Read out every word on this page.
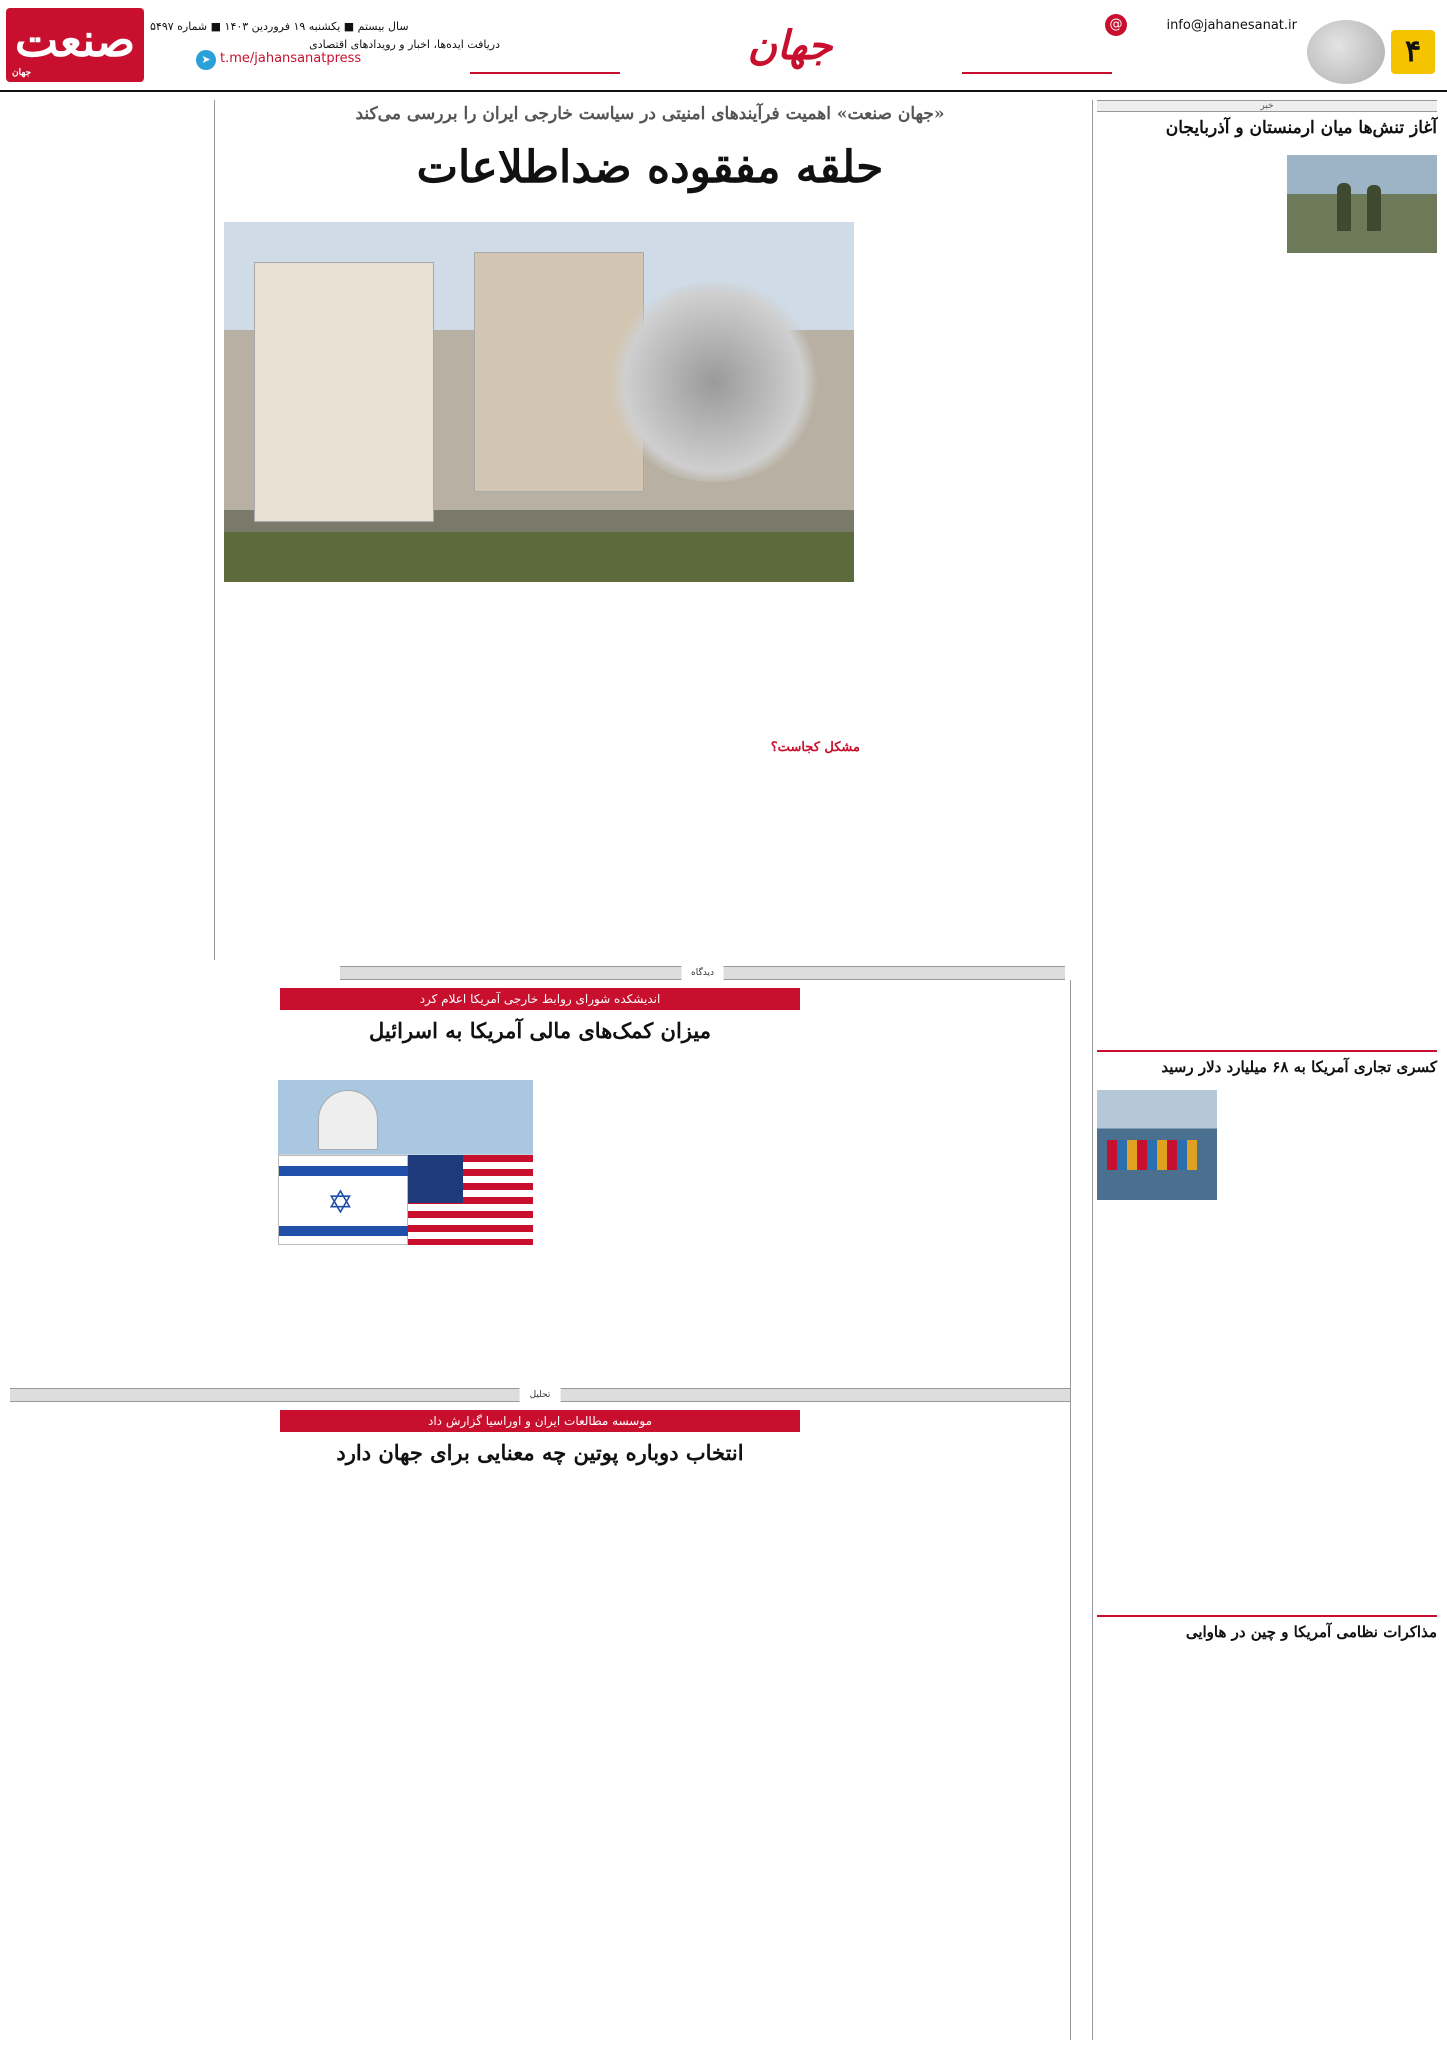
۴
@	info@jahanesanat.ir
جهان
➤
دریافت ایده‌ها، اخبار و رویدادهای اقتصادی
t.me/jahansanatpress
سال بیستم ■ یکشنبه ۱۹ فروردین ۱۴۰۳ ■ شماره ۵۴۹۷
صنعت
جهان
خبر
آغاز تنش‌ها میان ارمنستان و آذربایجان
کسری تجاری آمریکا به ۶۸ میلیارد دلار رسید
مذاکرات نظامی آمریکا و چین در هاوایی
«جهان صنعت» اهمیت فرآیندهای امنیتی در سیاست خارجی ایران را بررسی می‌کند
حلقه مفقوده ضداطلاعات
مشکل کجاست؟
دیدگاه
اندیشکده شورای روابط خارجی آمریکا اعلام کرد
میزان کمک‌های مالی آمریکا به اسرائیل
✡
تحلیل
موسسه مطالعات ایران و اوراسیا گزارش داد
انتخاب دوباره پوتین چه معنایی برای جهان دارد
